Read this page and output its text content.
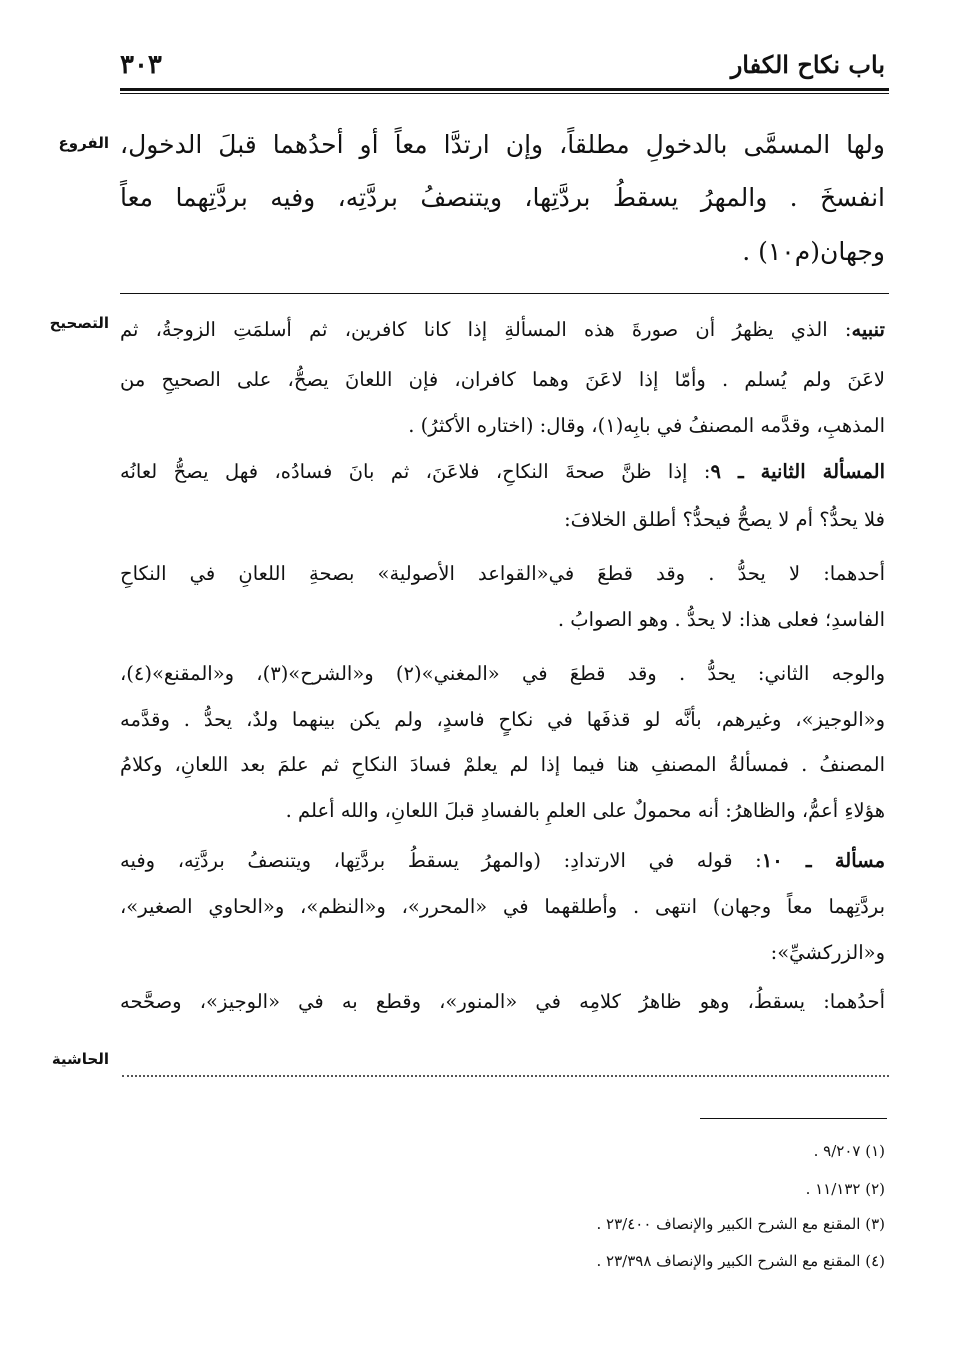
باب نكاح الكفار
٣٠٣
الفروع
التصحيح
الحاشية
ولها المسمَّى بالدخولِ مطلقاً، وإن ارتدَّا معاً أو أحدُهما قبلَ الدخول،
انفسخَ . والمهرُ يسقطُ بردَّتِها، ويتنصفُ بردَّتِه، وفيه بردَّتِهما معاً
وجهان(م١٠) .
تنبيه: الذي يظهرُ أن صورةَ هذه المسألةِ إذا كانا كافرين، ثم أسلمَتِ الزوجةُ، ثم
لاعَنَ ولم يُسلم . وأمّا إذا لاعَنَ وهما كافران، فإن اللعانَ يصحُّ، على الصحيحِ من
المذهبِ، وقدَّمه المصنفُ في بابِه(١)، وقال: (اختاره الأكثرُ) .
المسألة الثانية ـ ٩: إذا ظنَّ صحةَ النكاحِ، فلاعَنَ، ثم بانَ فسادُه، فهل يصحُّ لعانُه
فلا يحدُّ؟ أم لا يصحُّ فيحدُّ؟ أطلق الخلافَ:
أحدهما: لا يحدُّ . وقد قطعَ في«القواعد الأصولية» بصحةِ اللعانِ في النكاحِ
الفاسدِ؛ فعلى هذا: لا يحدُّ . وهو الصوابُ .
والوجه الثاني: يحدُّ . وقد قطعَ في «المغني»(٢) و«الشرح»(٣)، و«المقنع»(٤)،
و«الوجيز»، وغيرهم، بأنَّه لو قذفَها في نكاحٍ فاسدٍ، ولم يكن بينهما ولدٌ، يحدُّ . وقدَّمه
المصنفُ . فمسألةُ المصنفِ هنا فيما إذا لم يعلمْ فسادَ النكاحِ ثم علمَ بعد اللعانِ، وكلامُ
هؤلاءِ أعمُّ، والظاهرُ: أنه محمولٌ على العلمِ بالفسادِ قبلَ اللعانِ، والله أعلم .
مسألة ـ ١٠: قوله في الارتدادِ: (والمهرُ يسقطُ بردَّتِها، ويتنصفُ بردَّتِه، وفيه
بردَّتِهما معاً وجهان) انتهى . وأطلقهما في «المحرر»، و«النظم»، و«الحاوي الصغير»،
و«الزركشيِّ»:
أحدُهما: يسقطُ، وهو ظاهرُ كلامِه في «المنور»، وقطع به في «الوجيز»، وصحَّحه
(١) ٩/٢٠٧ .
(٢) ١١/١٣٢ .
(٣) المقنع مع الشرح الكبير والإنصاف ٢٣/٤٠٠ .
(٤) المقنع مع الشرح الكبير والإنصاف ٢٣/٣٩٨ .
